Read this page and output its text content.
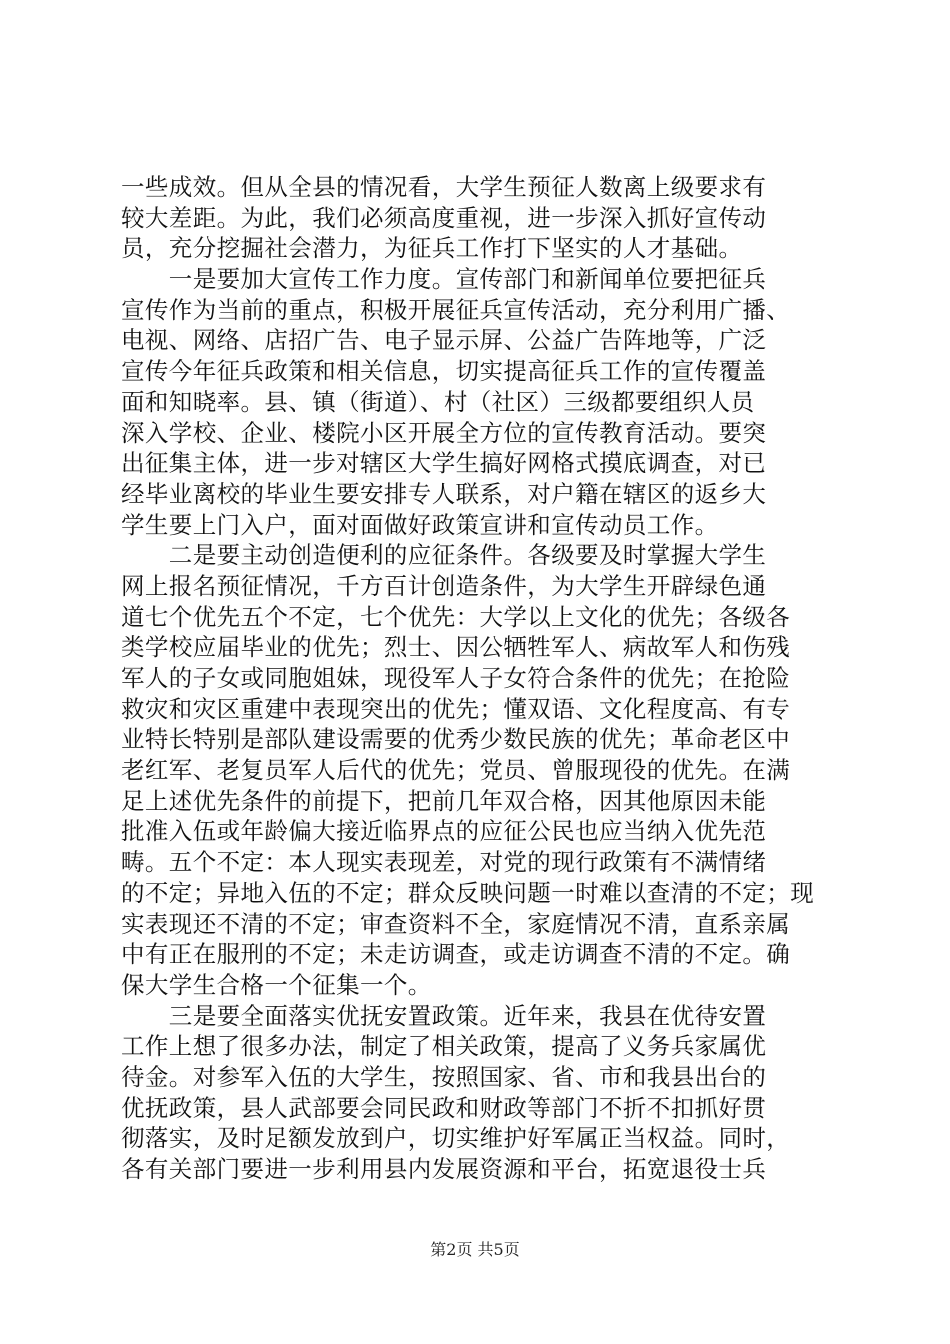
一些成效。但从全县的情况看，大学生预征人数离上级要求有
较大差距。为此，我们必须高度重视，进一步深入抓好宣传动
员，充分挖掘社会潜力，为征兵工作打下坚实的人才基础。
　　一是要加大宣传工作力度。宣传部门和新闻单位要把征兵
宣传作为当前的重点，积极开展征兵宣传活动，充分利用广播、
电视、网络、店招广告、电子显示屏、公益广告阵地等，广泛
宣传今年征兵政策和相关信息，切实提高征兵工作的宣传覆盖
面和知晓率。县、镇（街道）、村（社区）三级都要组织人员
深入学校、企业、楼院小区开展全方位的宣传教育活动。要突
出征集主体，进一步对辖区大学生搞好网格式摸底调查，对已
经毕业离校的毕业生要安排专人联系，对户籍在辖区的返乡大
学生要上门入户，面对面做好政策宣讲和宣传动员工作。
　　二是要主动创造便利的应征条件。各级要及时掌握大学生
网上报名预征情况，千方百计创造条件，为大学生开辟绿色通
道七个优先五个不定，七个优先：大学以上文化的优先；各级各
类学校应届毕业的优先；烈士、因公牺牲军人、病故军人和伤残
军人的子女或同胞姐妹，现役军人子女符合条件的优先；在抢险
救灾和灾区重建中表现突出的优先；懂双语、文化程度高、有专
业特长特别是部队建设需要的优秀少数民族的优先；革命老区中
老红军、老复员军人后代的优先；党员、曾服现役的优先。在满
足上述优先条件的前提下，把前几年双合格，因其他原因未能
批准入伍或年龄偏大接近临界点的应征公民也应当纳入优先范
畴。五个不定：本人现实表现差，对党的现行政策有不满情绪
的不定；异地入伍的不定；群众反映问题一时难以查清的不定；现
实表现还不清的不定；审查资料不全，家庭情况不清，直系亲属
中有正在服刑的不定；未走访调查，或走访调查不清的不定。确
保大学生合格一个征集一个。
　　三是要全面落实优抚安置政策。近年来，我县在优待安置
工作上想了很多办法，制定了相关政策，提高了义务兵家属优
待金。对参军入伍的大学生，按照国家、省、市和我县出台的
优抚政策，县人武部要会同民政和财政等部门不折不扣抓好贯
彻落实，及时足额发放到户，切实维护好军属正当权益。同时，
各有关部门要进一步利用县内发展资源和平台，拓宽退役士兵
第2页 共5页
